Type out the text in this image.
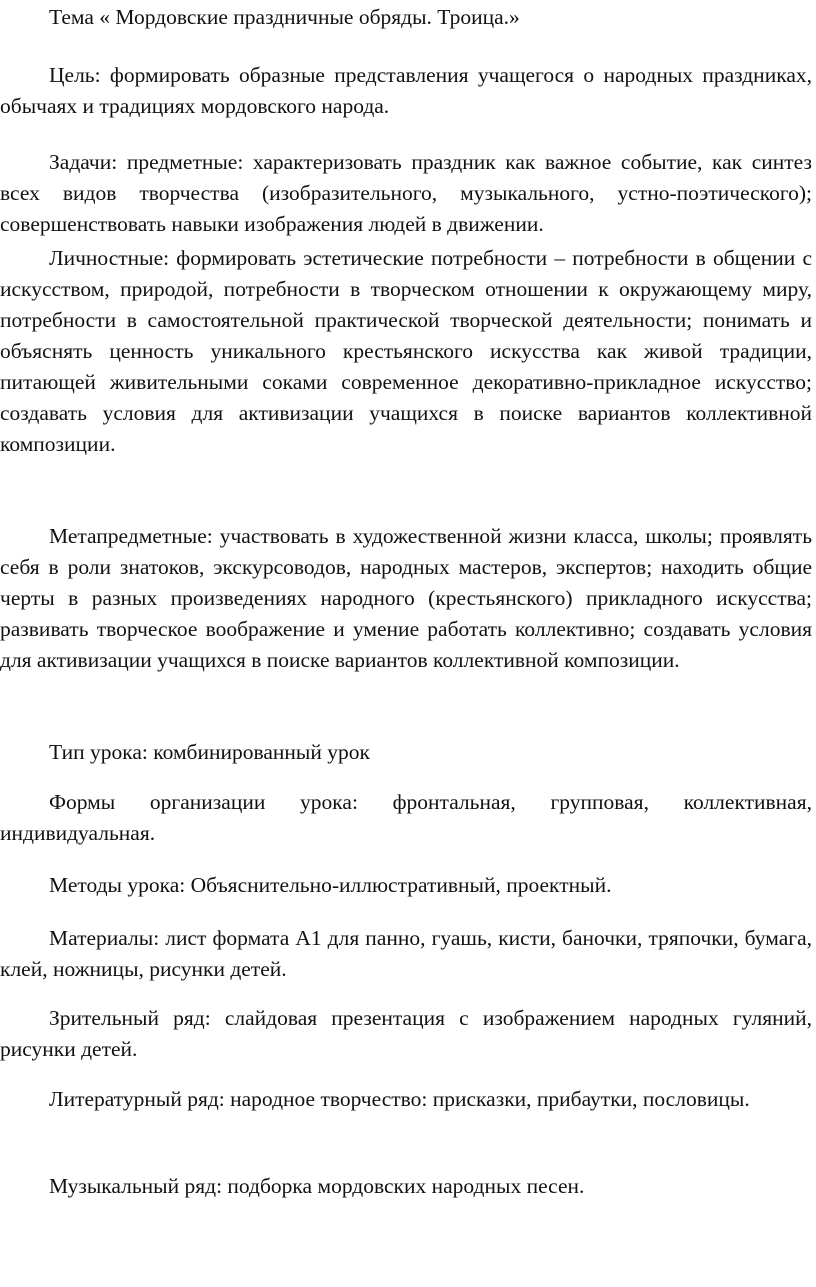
Тема « Мордовские праздничные обряды. Троица.»

Цель: формировать образные представления учащегося о народных праздниках, обычаях и традициях мордовского народа.

Задачи: предметные: характеризовать праздник как важное событие, как синтез всех видов творчества (изобразительного, музыкального, устно-поэтического); совершенствовать навыки изображения людей в движении.

Личностные: формировать эстетические потребности – потребности в общении с искусством, природой, потребности в творческом отношении к окружающему миру, потребности в самостоятельной практической творческой деятельности; понимать и объяснять ценность уникального крестьянского искусства как живой традиции, питающей живительными соками современное декоративно-прикладное искусство; создавать условия для активизации учащихся в поиске вариантов коллективной композиции.

Метапредметные: участвовать в художественной жизни класса, школы; проявлять себя в роли знатоков, экскурсоводов, народных мастеров, экспертов; находить общие черты в разных произведениях народного (крестьянского) прикладного искусства; развивать творческое воображение и умение работать коллективно; создавать условия для активизации учащихся в поиске вариантов коллективной композиции.

Тип урока: комбинированный урок

Формы организации урока: фронтальная, групповая, коллективная, индивидуальная.

Методы урока: Объяснительно-иллюстративный, проектный.

Материалы: лист формата А1 для панно, гуашь, кисти, баночки, тряпочки, бумага, клей, ножницы, рисунки детей.

Зрительный ряд: слайдовая презентация с изображением народных гуляний, рисунки детей.

Литературный ряд: народное творчество: присказки, прибаутки, пословицы.

Музыкальный ряд: подборка мордовских народных песен.
